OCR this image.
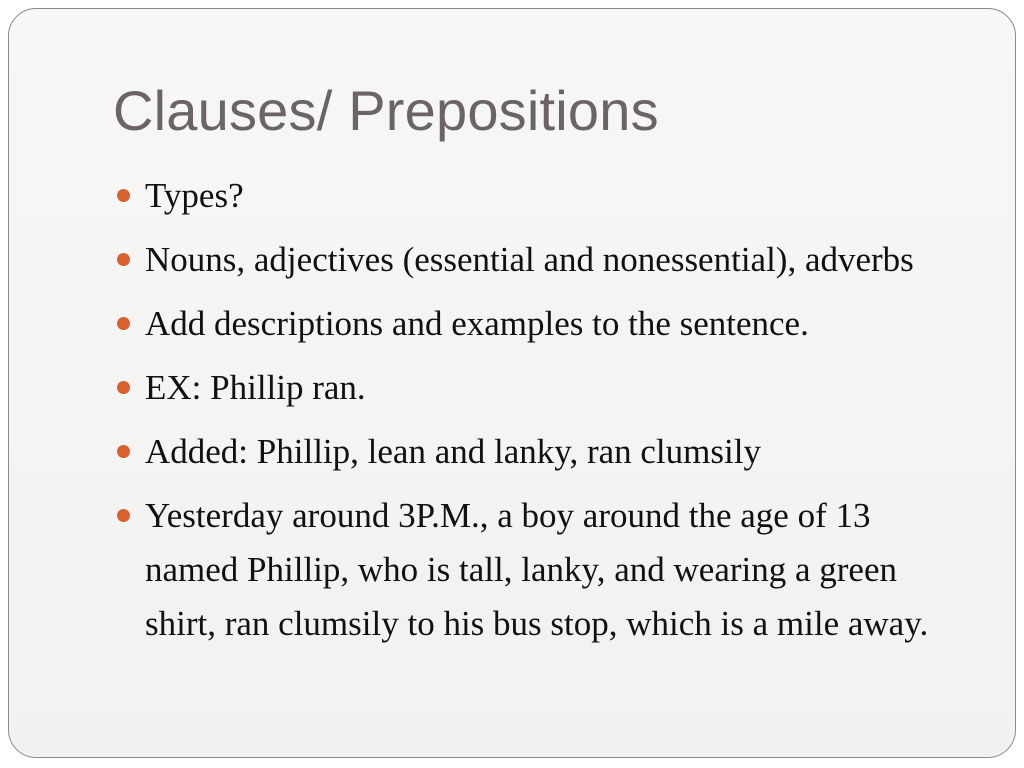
Clauses/ Prepositions
Types?
Nouns, adjectives (essential and nonessential), adverbs
Add descriptions and examples to the sentence.
EX: Phillip ran.
Added: Phillip, lean and lanky, ran clumsily
Yesterday around 3P.M., a boy around the age of 13 named Phillip, who is tall, lanky, and wearing a green shirt, ran clumsily to his bus stop, which is a mile away.
